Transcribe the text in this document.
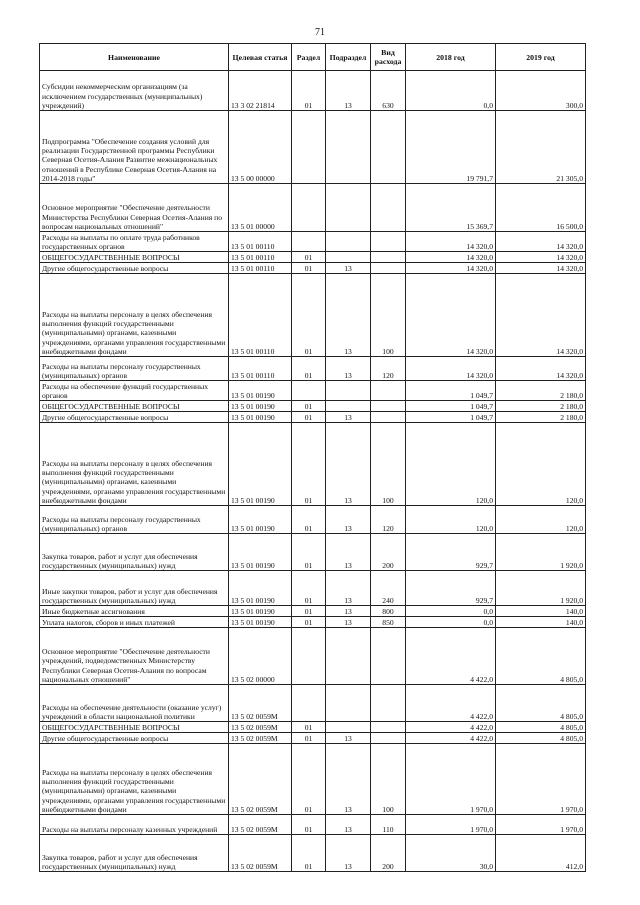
71
Наименование	Целевая статья	Раздел	Подраздел	Вид расхода	2018 год	2019 год
Субсидии некоммерческим организациям (за исключением государственных (муниципальных) учреждений)	13 3 02 21814	01	13	630	0,0	300,0
Подпрограмма "Обеспечение создания условий для реализации Государственной программы Республики Северная Осетия-Алания Развитие межнациональных отношений в Республике Северная Осетия-Алания на 2014-2018 годы"	13 5 00 00000				19 791,7	21 305,0
Основное мероприятие "Обеспечение деятельности Министерства Республики Северная Осетия-Алания по вопросам национальных отношений"	13 5 01 00000				15 369,7	16 500,0
Расходы на выплаты по оплате труда работников государственных органов	13 5 01 00110				14 320,0	14 320,0
ОБЩЕГОСУДАРСТВЕННЫЕ ВОПРОСЫ	13 5 01 00110	01			14 320,0	14 320,0
Другие общегосударственные вопросы	13 5 01 00110	01	13		14 320,0	14 320,0
Расходы на выплаты персоналу в целях обеспечения выполнения функций государственными (муниципальными) органами, казенными учреждениями, органами управления государственными внебюджетными фондами	13 5 01 00110	01	13	100	14 320,0	14 320,0
Расходы на выплаты персоналу государственных (муниципальных) органов	13 5 01 00110	01	13	120	14 320,0	14 320,0
Расходы на обеспечение функций государственных органов	13 5 01 00190				1 049,7	2 180,0
ОБЩЕГОСУДАРСТВЕННЫЕ ВОПРОСЫ	13 5 01 00190	01			1 049,7	2 180,0
Другие общегосударственные вопросы	13 5 01 00190	01	13		1 049,7	2 180,0
Расходы на выплаты персоналу в целях обеспечения выполнения функций государственными (муниципальными) органами, казенными учреждениями, органами управления государственными внебюджетными фондами	13 5 01 00190	01	13	100	120,0	120,0
Расходы на выплаты персоналу государственных (муниципальных) органов	13 5 01 00190	01	13	120	120,0	120,0
Закупка товаров, работ и услуг для обеспечения государственных (муниципальных) нужд	13 5 01 00190	01	13	200	929,7	1 920,0
Иные закупки товаров, работ и услуг для обеспечения государственных (муниципальных) нужд	13 5 01 00190	01	13	240	929,7	1 920,0
Иные бюджетные ассигнования	13 5 01 00190	01	13	800	0,0	140,0
Уплата налогов, сборов и иных платежей	13 5 01 00190	01	13	850	0,0	140,0
Основное мероприятие "Обеспечение деятельности учреждений, подведомственных Министерству Республики Северная Осетия-Алания по вопросам национальных отношений"	13 5 02 00000				4 422,0	4 805,0
Расходы на обеспечение деятельности (оказание услуг) учреждений в области национальной политики	13 5 02 0059М				4 422,0	4 805,0
ОБЩЕГОСУДАРСТВЕННЫЕ ВОПРОСЫ	13 5 02 0059М	01			4 422,0	4 805,0
Другие общегосударственные вопросы	13 5 02 0059М	01	13		4 422,0	4 805,0
Расходы на выплаты персоналу в целях обеспечения выполнения функций государственными (муниципальными) органами, казенными учреждениями, органами управления государственными внебюджетными фондами	13 5 02 0059М	01	13	100	1 970,0	1 970,0
Расходы на выплаты персоналу казенных учреждений	13 5 02 0059М	01	13	110	1 970,0	1 970,0
Закупка товаров, работ и услуг для обеспечения государственных (муниципальных) нужд	13 5 02 0059М	01	13	200	30,0	412,0
